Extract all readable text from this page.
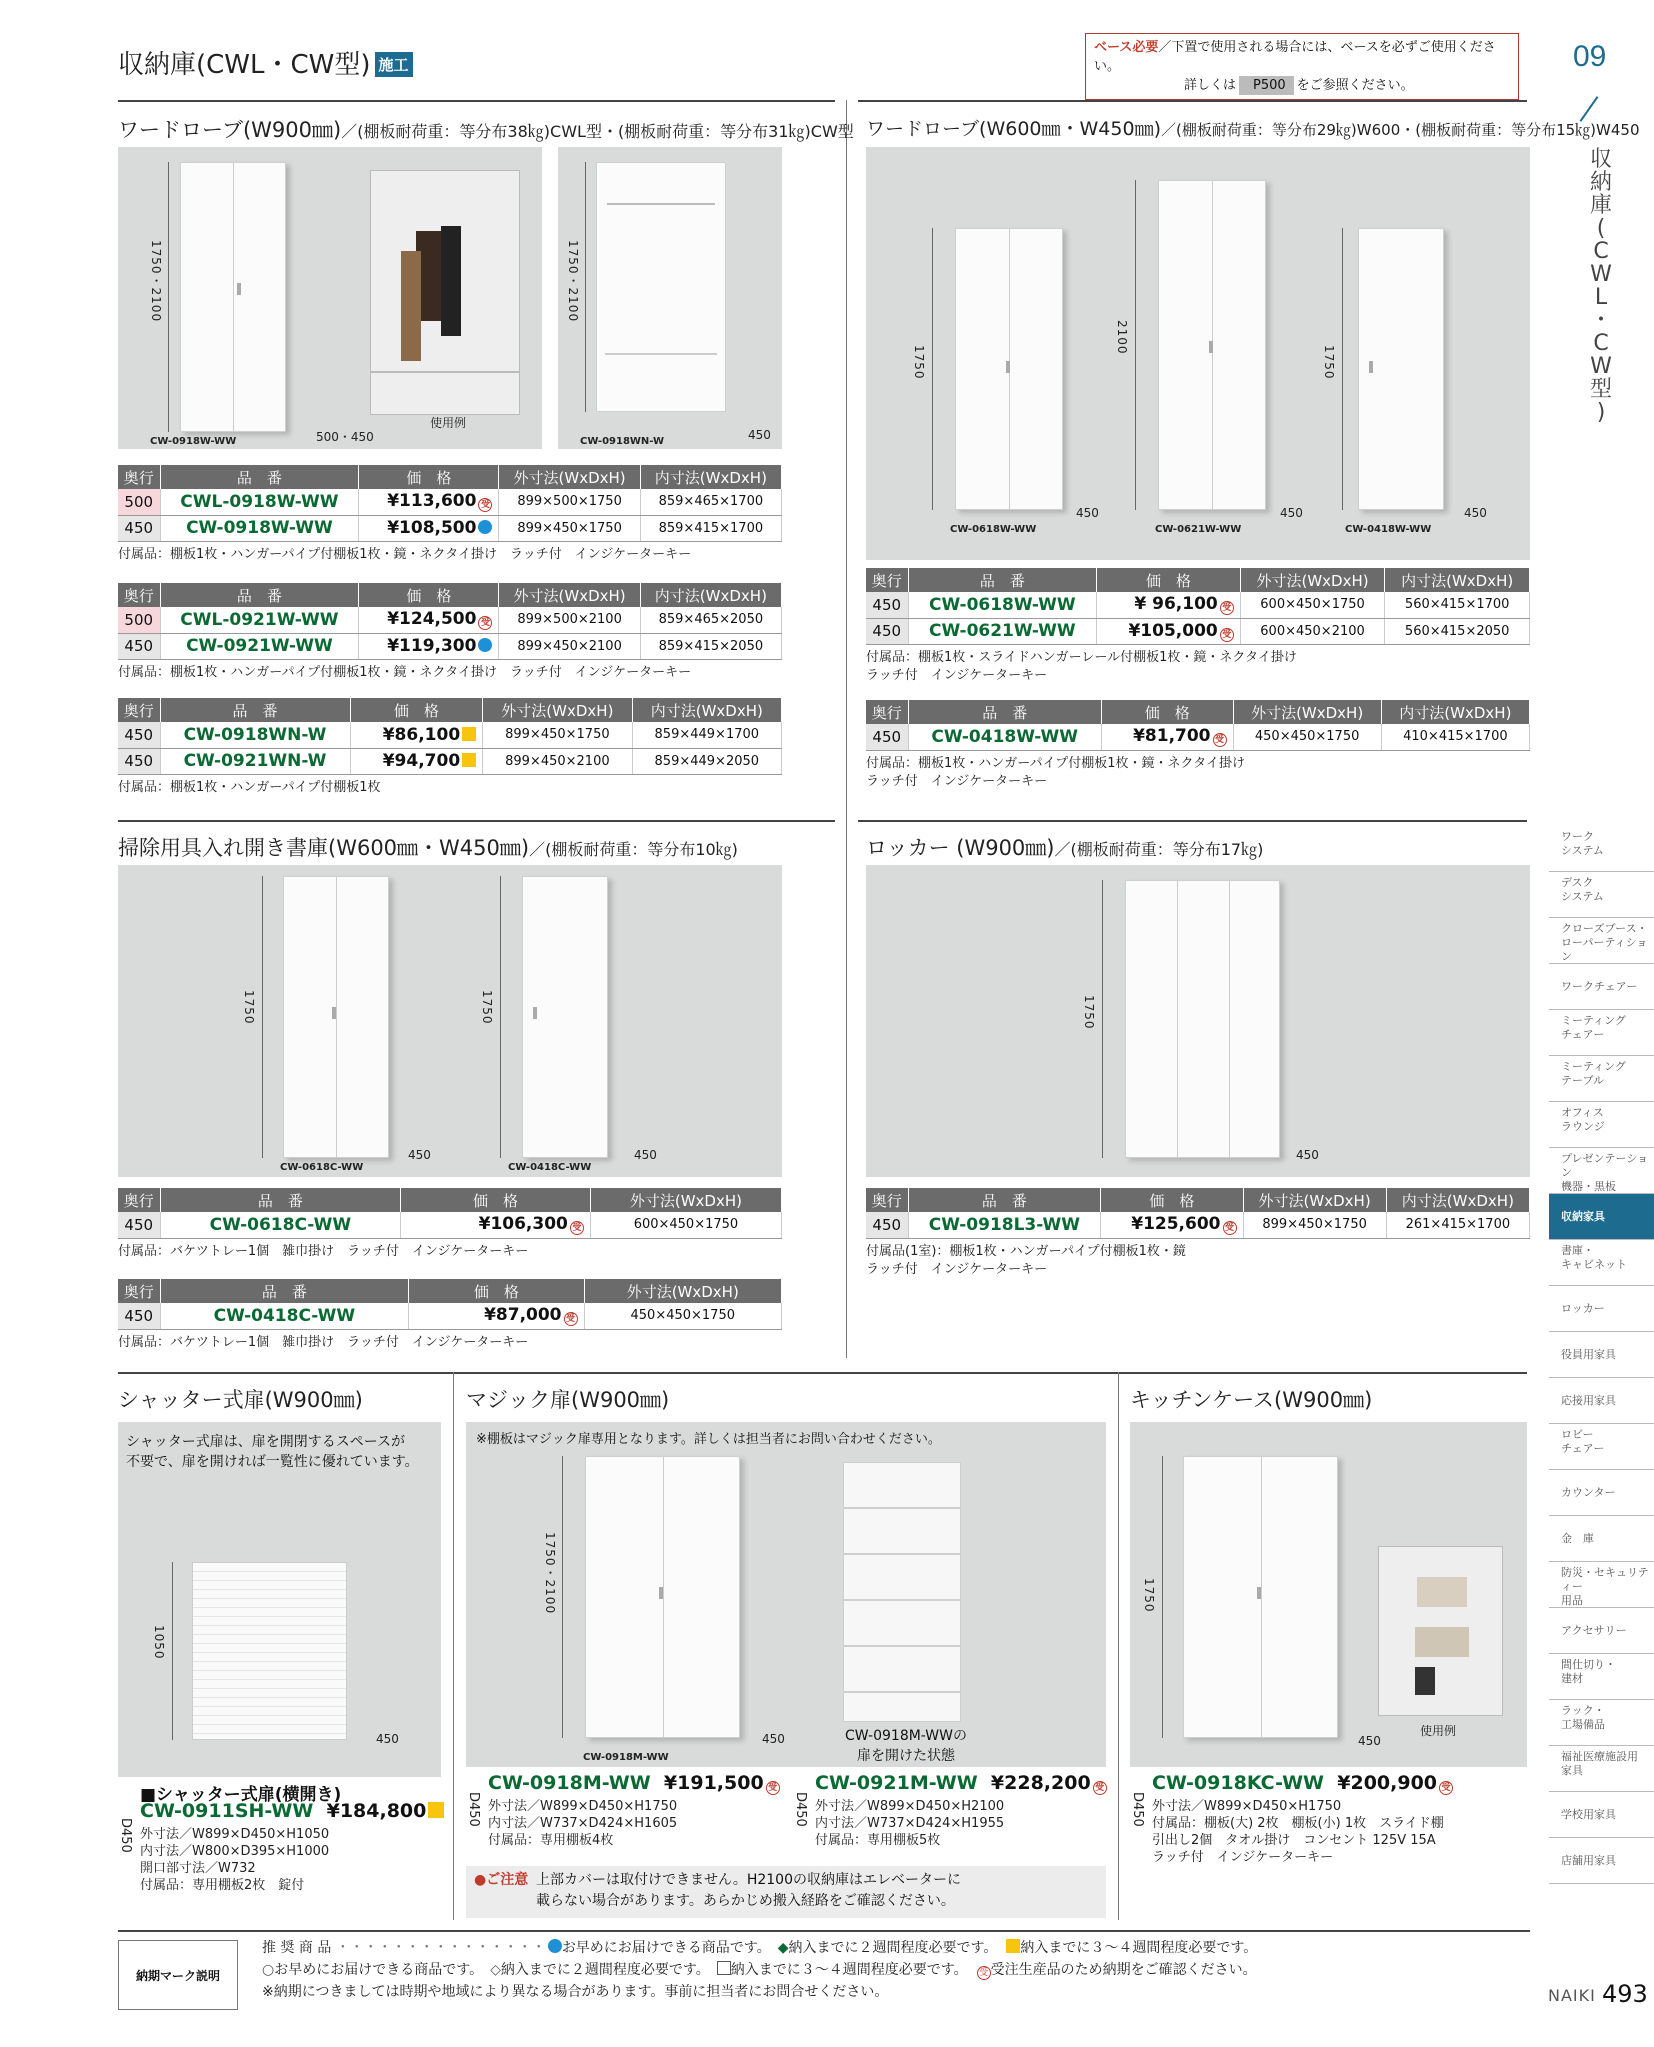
収納庫(CWL・CW型) 施工
ベース必要／下置で使用される場合には、ベースを必ずご使用ください。
詳しくは P500 をご参照ください。
09
収
納
庫
(
C
W
L
・
C
W
型
)
ワーク
システム
デスク
システム
クローズブース・
ローパーティション
ワークチェアー
ミーティング
チェアー
ミーティング
テーブル
オフィス
ラウンジ
プレゼンテーション
機器・黒板
収納家具
書庫・
キャビネット
ロッカー
役員用家具
応接用家具
ロビー
チェアー
カウンター
金　庫
防災・セキュリティー
用品
アクセサリー
間仕切り・
建材
ラック・
工場備品
福祉医療施設用
家具
学校用家具
店舗用家具
ワードローブ(W900㎜)／(棚板耐荷重：等分布38㎏)CWL型・(棚板耐荷重：等分布31㎏)CW型
1750・2100
CW-0918W-WW	500・450
使用例
1750・2100
CW-0918WN-W	450
奥行	品　番	価　格	外寸法(WxDxH)	内寸法(WxDxH)
500	CWL-0918W-WW	¥113,600 受	899×500×1750	859×465×1700
450	CW-0918W-WW	¥108,500	899×450×1750	859×415×1700
付属品：棚板1枚・ハンガーパイプ付棚板1枚・鏡・ネクタイ掛け　ラッチ付　インジケーターキー
奥行	品　番	価　格	外寸法(WxDxH)	内寸法(WxDxH)
500	CWL-0921W-WW	¥124,500 受	899×500×2100	859×465×2050
450	CW-0921W-WW	¥119,300	899×450×2100	859×415×2050
付属品：棚板1枚・ハンガーパイプ付棚板1枚・鏡・ネクタイ掛け　ラッチ付　インジケーターキー
奥行	品　番	価　格	外寸法(WxDxH)	内寸法(WxDxH)
450	CW-0918WN-W	¥86,100	899×450×1750	859×449×1700
450	CW-0921WN-W	¥94,700	899×450×2100	859×449×2050
付属品：棚板1枚・ハンガーパイプ付棚板1枚
ワードローブ(W600㎜・W450㎜)／(棚板耐荷重：等分布29㎏)W600・(棚板耐荷重：等分布15㎏)W450
1750
CW-0618W-WW
450
2100
CW-0621W-WW
450
1750
CW-0418W-WW
450
奥行	品　番	価　格	外寸法(WxDxH)	内寸法(WxDxH)
450	CW-0618W-WW	¥ 96,100 受	600×450×1750	560×415×1700
450	CW-0621W-WW	¥105,000 受	600×450×2100	560×415×2050
付属品：棚板1枚・スライドハンガーレール付棚板1枚・鏡・ネクタイ掛け
ラッチ付　インジケーターキー
奥行	品　番	価　格	外寸法(WxDxH)	内寸法(WxDxH)
450	CW-0418W-WW	¥81,700 受	450×450×1750	410×415×1700
付属品：棚板1枚・ハンガーパイプ付棚板1枚・鏡・ネクタイ掛け
ラッチ付　インジケーターキー
掃除用具入れ開き書庫(W600㎜・W450㎜)／(棚板耐荷重：等分布10㎏)
1750
CW-0618C-WW
450
1750
CW-0418C-WW
450
奥行	品　番	価　格	外寸法(WxDxH)
450	CW-0618C-WW	¥106,300 受	600×450×1750
付属品：バケツトレー1個　雑巾掛け　ラッチ付　インジケーターキー
奥行	品　番	価　格	外寸法(WxDxH)
450	CW-0418C-WW	¥87,000 受	450×450×1750
付属品：バケツトレー1個　雑巾掛け　ラッチ付　インジケーターキー
ロッカー (W900㎜)／(棚板耐荷重：等分布17㎏)
1750
450
奥行	品　番	価　格	外寸法(WxDxH)	内寸法(WxDxH)
450	CW-0918L3-WW	¥125,600 受	899×450×1750	261×415×1700
付属品(1室)：棚板1枚・ハンガーパイプ付棚板1枚・鏡
ラッチ付　インジケーターキー
シャッター式扉(W900㎜)
シャッター式扉は、扉を開閉するスペースが
不要で、扉を開ければ一覧性に優れています。
1050
450
■シャッター式扉(横開き)
CW-0911SH-WW ¥184,800
D450 外寸法／W899×D450×H1050
内寸法／W800×D395×H1000
開口部寸法／W732
付属品：専用棚板2枚　錠付
マジック扉(W900㎜)
※棚板はマジック扉専用となります。詳しくは担当者にお問い合わせください。
1750・2100
CW-0918M-WW
450	CW-0918M-WWの
扉を開けた状態
CW-0918M-WW ¥191,500 受
D450 外寸法／W899×D450×H1750
内寸法／W737×D424×H1605
付属品：専用棚板4枚
CW-0921M-WW ¥228,200 受
D450 外寸法／W899×D450×H2100
内寸法／W737×D424×H1955
付属品：専用棚板5枚
●ご注意 上部カバーは取付けできません。H2100の収納庫はエレベーターに
載らない場合があります。あらかじめ搬入経路をご確認ください。
キッチンケース(W900㎜)
1750
450
使用例
CW-0918KC-WW ¥200,900 受
D450 外寸法／W899×D450×H1750
付属品：棚板(大) 2枚　棚板(小) 1枚　スライド棚
引出し2個　タオル掛け　コンセント 125V 15A
ラッチ付　インジケーターキー
納期マーク説明
推 奨 商 品 ・・・・・・・・・・・・・・・ お早めにお届けできる商品です。　 ◆納入までに２週間程度必要です。　 納入までに３～４週間程度必要です。
○お早めにお届けできる商品です。　 ◇納入までに２週間程度必要です。　 納入までに３～４週間程度必要です。　 受 受注生産品のため納期をご確認ください。
※納期につきましては時期や地域により異なる場合があります。事前に担当者にお問合せください。	NAIKI 493
